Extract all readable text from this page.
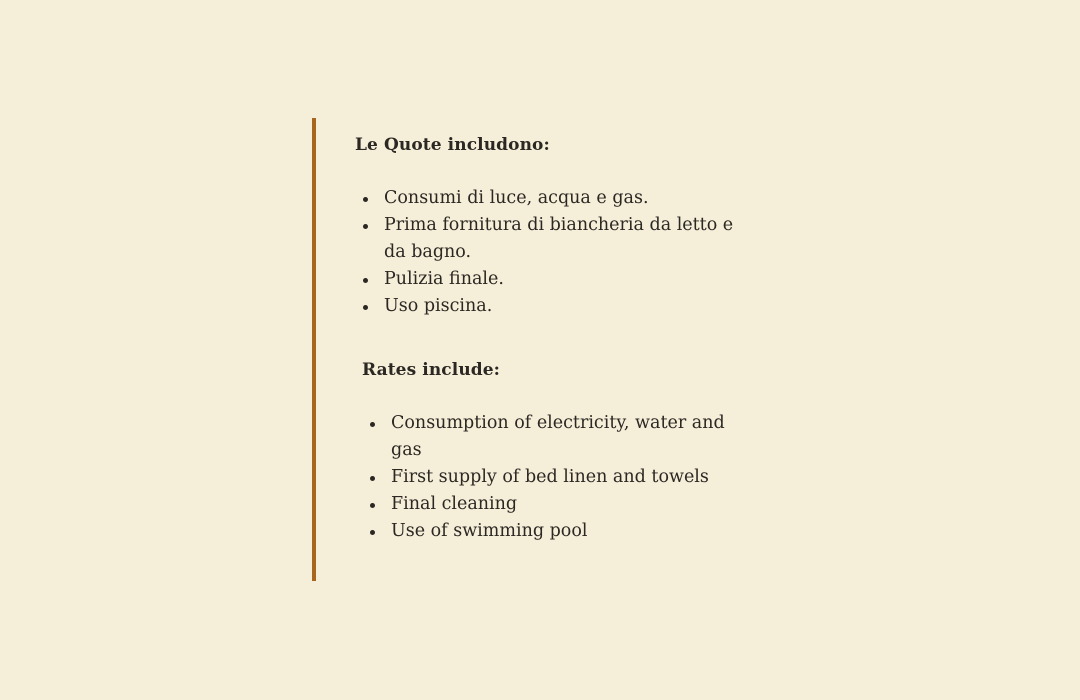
Le Quote includono:
Consumi di luce, acqua e gas.
Prima fornitura di biancheria da letto e da bagno.
Pulizia finale.
Uso piscina.
Rates include:
Consumption of electricity, water and gas
First supply of bed linen and towels
Final cleaning
Use of swimming pool
